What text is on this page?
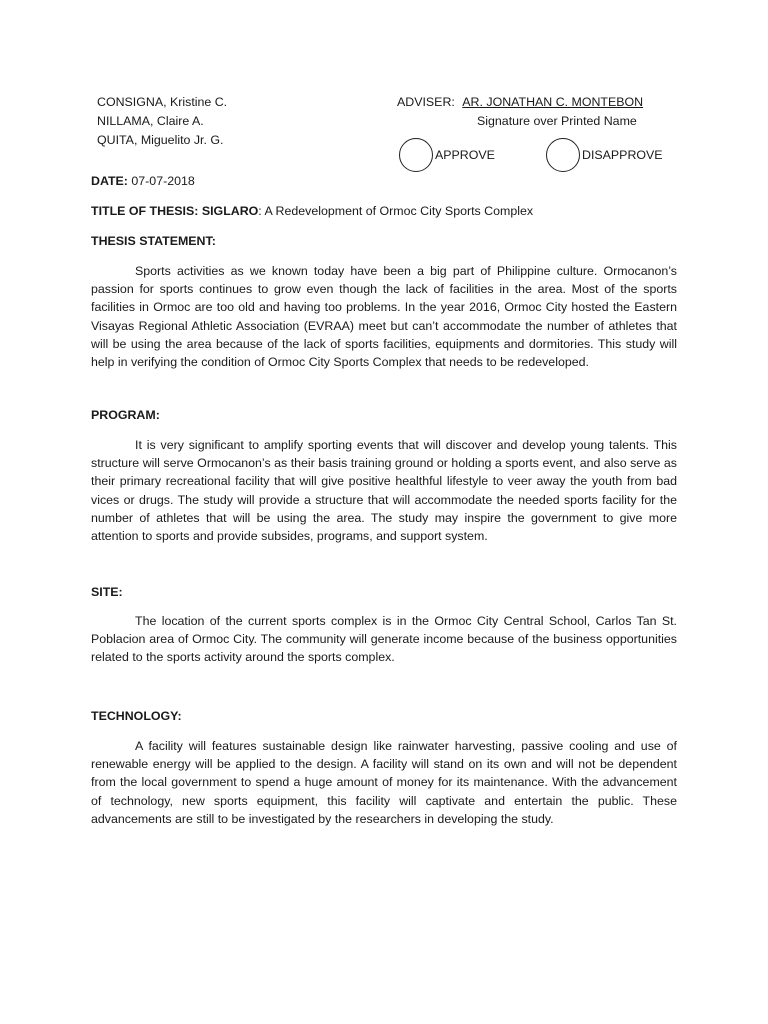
CONSIGNA, Kristine C.
NILLAMA, Claire A.
QUITA, Miguelito Jr. G.
ADVISER: AR. JONATHAN C. MONTEBON
Signature over Printed Name
APPROVE	DISAPPROVE
DATE: 07-07-2018
TITLE OF THESIS: SIGLARO: A Redevelopment of Ormoc City Sports Complex
THESIS STATEMENT:
Sports activities as we known today have been a big part of Philippine culture. Ormocanon’s passion for sports continues to grow even though the lack of facilities in the area. Most of the sports facilities in Ormoc are too old and having too problems. In the year 2016, Ormoc City hosted the Eastern Visayas Regional Athletic Association (EVRAA) meet but can’t accommodate the number of athletes that will be using the area because of the lack of sports facilities, equipments and dormitories. This study will help in verifying the condition of Ormoc City Sports Complex that needs to be redeveloped.
PROGRAM:
It is very significant to amplify sporting events that will discover and develop young talents. This structure will serve Ormocanon’s as their basis training ground or holding a sports event, and also serve as their primary recreational facility that will give positive healthful lifestyle to veer away the youth from bad vices or drugs. The study will provide a structure that will accommodate the needed sports facility for the number of athletes that will be using the area. The study may inspire the government to give more attention to sports and provide subsides, programs, and support system.
SITE:
The location of the current sports complex is in the Ormoc City Central School, Carlos Tan St. Poblacion area of Ormoc City. The community will generate income because of the business opportunities related to the sports activity around the sports complex.
TECHNOLOGY:
A facility will features sustainable design like rainwater harvesting, passive cooling and use of renewable energy will be applied to the design. A facility will stand on its own and will not be dependent from the local government to spend a huge amount of money for its maintenance. With the advancement of technology, new sports equipment, this facility will captivate and entertain the public. These advancements are still to be investigated by the researchers in developing the study.
